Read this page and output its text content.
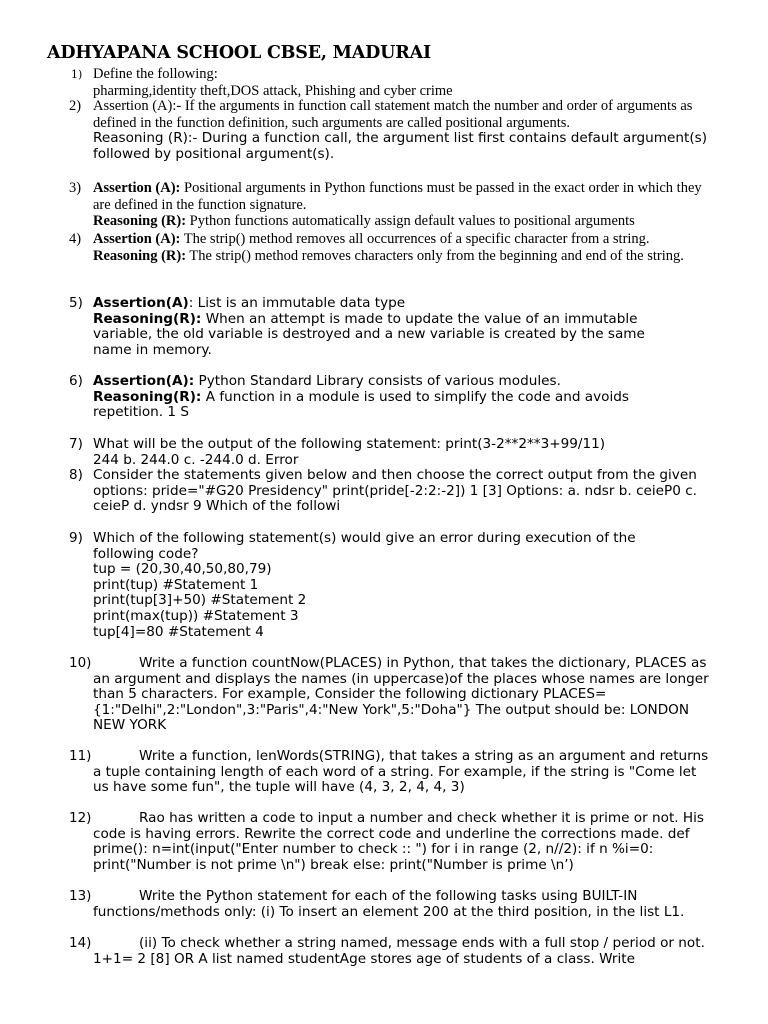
ADHYAPANA SCHOOL CBSE, MADURAI
1) Define the following:
pharming,identity theft,DOS attack, Phishing and cyber crime
2) Assertion (A):- If the arguments in function call statement match the number and order of arguments as defined in the function definition, such arguments are called positional arguments.
Reasoning (R):- During a function call, the argument list first contains default argument(s) followed by positional argument(s).
3) Assertion (A): Positional arguments in Python functions must be passed in the exact order in which they are defined in the function signature.
Reasoning (R): Python functions automatically assign default values to positional arguments
4) Assertion (A): The strip() method removes all occurrences of a specific character from a string.
Reasoning (R): The strip() method removes characters only from the beginning and end of the string.
5) Assertion(A): List is an immutable data type
Reasoning(R): When an attempt is made to update the value of an immutable variable, the old variable is destroyed and a new variable is created by the same name in memory.
6) Assertion(A): Python Standard Library consists of various modules.
Reasoning(R): A function in a module is used to simplify the code and avoids repetition. 1 S
7) What will be the output of the following statement: print(3-2**2**3+99/11)
244 b. 244.0 c. -244.0 d. Error
8) Consider the statements given below and then choose the correct output from the given options: pride="#G20 Presidency" print(pride[-2:2:-2]) 1 [3] Options: a. ndsr b. ceieP0 c. ceieP d. yndsr 9 Which of the followi
9) Which of the following statement(s) would give an error during execution of the following code?
tup = (20,30,40,50,80,79)
print(tup) #Statement 1
print(tup[3]+50) #Statement 2
print(max(tup)) #Statement 3
tup[4]=80 #Statement 4
10)	Write a function countNow(PLACES) in Python, that takes the dictionary, PLACES as an argument and displays the names (in uppercase)of the places whose names are longer than 5 characters. For example, Consider the following dictionary PLACES={1:"Delhi",2:"London",3:"Paris",4:"New York",5:"Doha"} The output should be: LONDON NEW YORK
11)	Write a function, lenWords(STRING), that takes a string as an argument and returns a tuple containing length of each word of a string. For example, if the string is "Come let us have some fun", the tuple will have (4, 3, 2, 4, 4, 3)
12)	Rao has written a code to input a number and check whether it is prime or not. His code is having errors. Rewrite the correct code and underline the corrections made. def prime(): n=int(input("Enter number to check :: ") for i in range (2, n//2): if n %i=0: print("Number is not prime \n") break else: print("Number is prime \n’)
13)	Write the Python statement for each of the following tasks using BUILT-IN functions/methods only: (i) To insert an element 200 at the third position, in the list L1.
14)	(ii) To check whether a string named, message ends with a full stop / period or not. 1+1= 2 [8] OR A list named studentAge stores age of students of a class. Write
